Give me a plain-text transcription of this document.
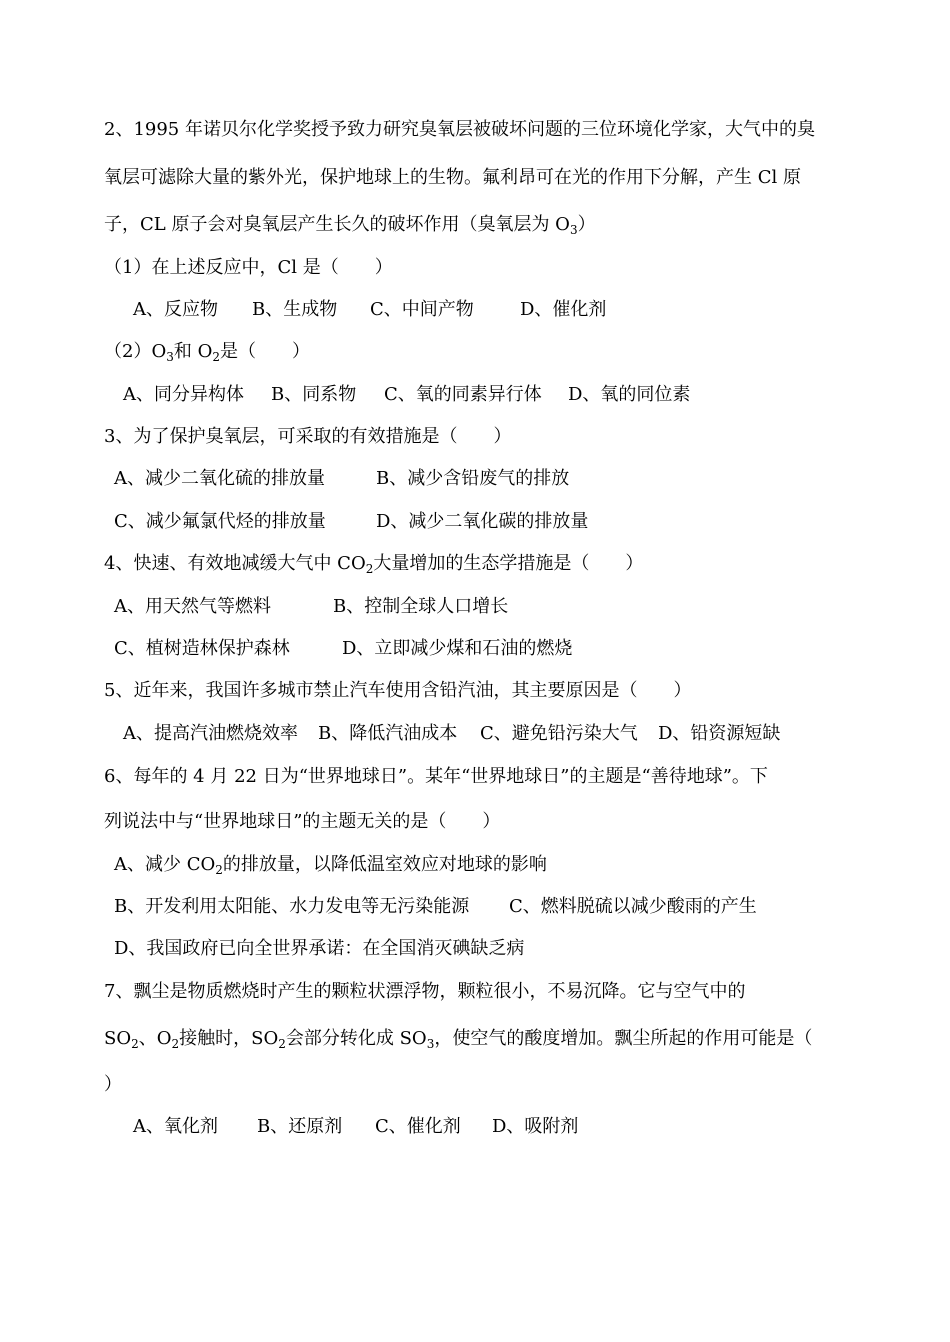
2、1995 年诺贝尔化学奖授予致力研究臭氧层被破坏问题的三位环境化学家，大气中的臭
氧层可滤除大量的紫外光，保护地球上的生物。氟利昂可在光的作用下分解，产生 Cl 原
子，CL 原子会对臭氧层产生长久的破坏作用（臭氧层为 $O_3$）
（1）在上述反应中，Cl 是（　　）
A、反应物 B、生成物 C、中间产物	D、催化剂
$(2)O_3$和 $O_2$是（　　）
A、同分异构体 B、同系物 C、氧的同素异行体 D、氧的同位素
3、为了保护臭氧层，可采取的有效措施是（　　）
A、减少二氧化硫的排放量	B、减少含铅废气的排放
C、减少氟氯代烃的排放量	D、减少二氧化碳的排放量
4、快速、有效地减缓大气中 $CO_2$大量增加的生态学措施是（　　）
A、用天然气等燃料	B、控制全球人口增长
C、植树造林保护森林	D、立即减少煤和石油的燃烧
5、近年来，我国许多城市禁止汽车使用含铅汽油，其主要原因是（　　）
A、提高汽油燃烧效率 B、降低汽油成本 C、避免铅污染大气 D、铅资源短缺
6、每年的 4 月 22 日为“世界地球日”。某年“世界地球日”的主题是“善待地球”。下
列说法中与“世界地球日”的主题无关的是（　　）
A、减少 $CO_2$的排放量，以降低温室效应对地球的影响
B、开发利用太阳能、水力发电等无污染能源 C、燃料脱硫以减少酸雨的产生
D、我国政府已向全世界承诺：在全国消灭碘缺乏病
7、飘尘是物质燃烧时产生的颗粒状漂浮物，颗粒很小，不易沉降。它与空气中的
$SO_2$、$O_2$接触时，$SO_2$会部分转化成 $SO_3$，使空气的酸度增加。飘尘所起的作用可能是（
）
A、氧化剂 B、还原剂 C、催化剂 D、吸附剂
